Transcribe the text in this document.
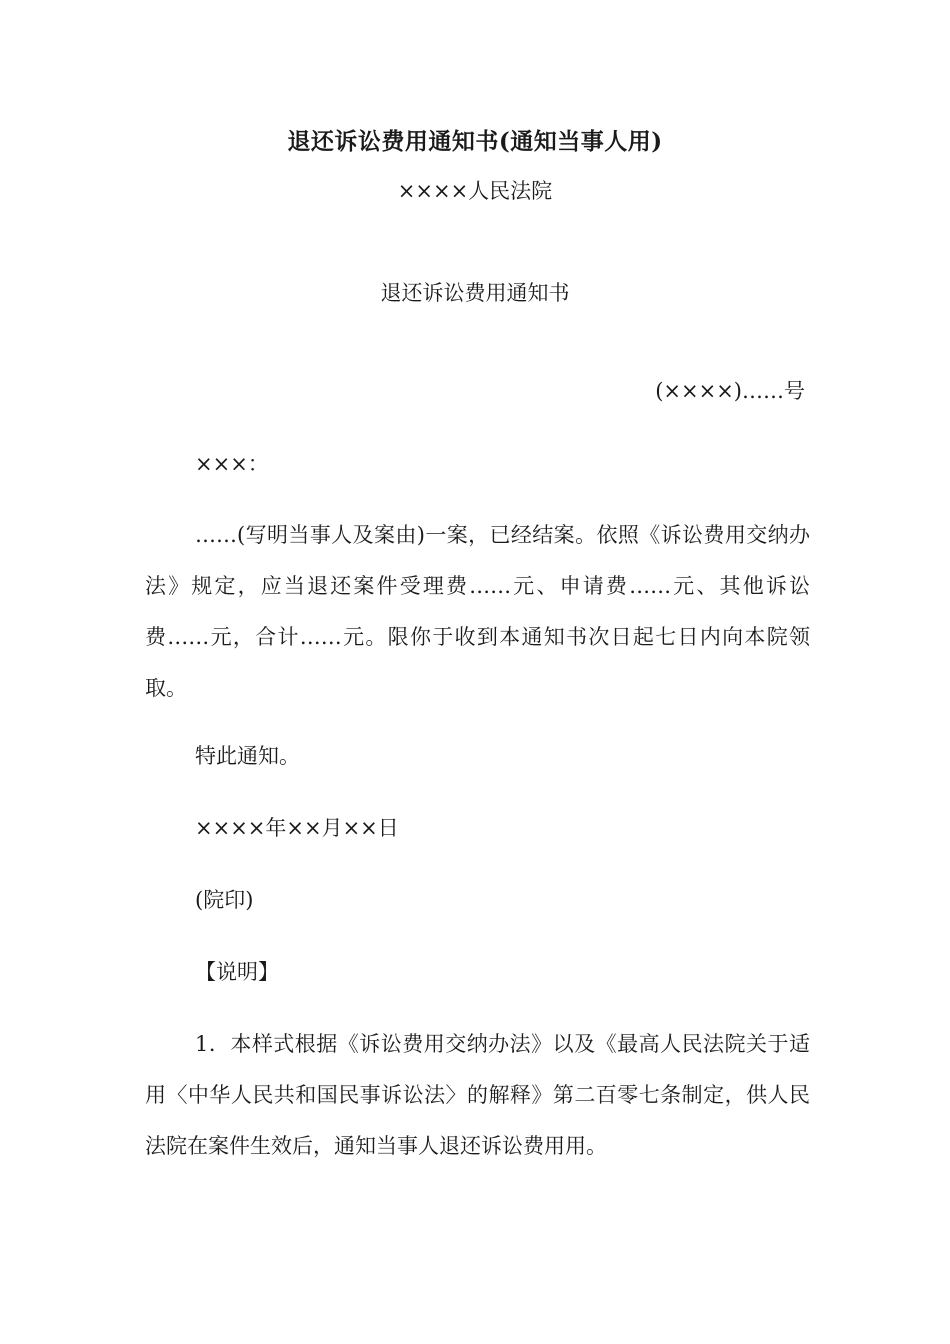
退还诉讼费用通知书(通知当事人用)
××××人民法院
退还诉讼费用通知书
(××××)……号
×××：

……(写明当事人及案由)一案，已经结案。依照《诉讼费用交纳办法》规定，应当退还案件受理费……元、申请费……元、其他诉讼费……元，合计……元。限你于收到本通知书次日起七日内向本院领取。

特此通知。
××××年××月××日
(院印)
【说明】

1．本样式根据《诉讼费用交纳办法》以及《最高人民法院关于适用〈中华人民共和国民事诉讼法〉的解释》第二百零七条制定，供人民法院在案件生效后，通知当事人退还诉讼费用用。
